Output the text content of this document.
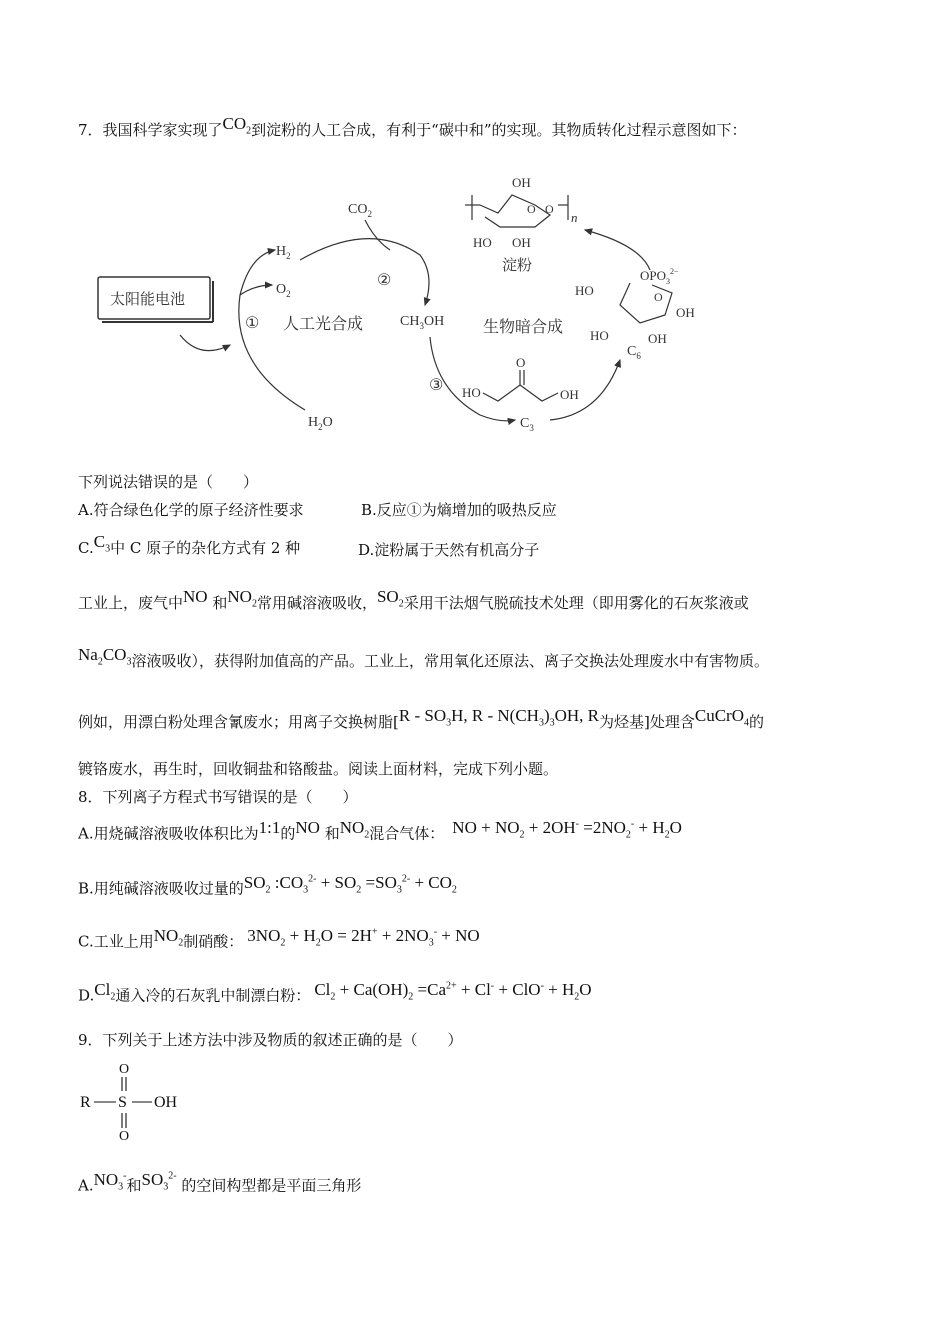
7．我国科学家实现了$CO_2$到淀粉的人工合成，有利于“碳中和”的实现。其物质转化过程示意图如下：
太阳能电池
$H_2$
$O_2$
$H_2O$
① 人工光合成
$CO_2$
②
$CH_3OH$
③
生物暗合成
HO
O
OH
$C_3$
HO
HO
$OPO_3^{2-}$
O
OH
OH
$C_6$
OH
O O
n
HO OH
淀粉
下列说法错误的是（　　）
A.符合绿色化学的原子经济性要求	B.反应①为熵增加的吸热反应
$C.C_3$中 C 原子的杂化方式有 2 种	D.淀粉属于天然有机高分子
工业上，废气中NO 和$NO_2$常用碱溶液吸收，$SO_2$采用干法烟气脱硫技术处理（即用雾化的石灰浆液或
$Na_2CO_3$溶液吸收），获得附加值高的产品。工业上，常用氧化还原法、离子交换法处理废水中有害物质。
例如，用漂白粉处理含氰废水；用离子交换树脂[$R - SO_3H$, R - $N(CH_3)_3OH$, R为烃基]处理含CuCrO$_4$的
镀铬废水，再生时，回收铜盐和铬酸盐。阅读上面材料，完成下列小题。
8．下列离子方程式书写错误的是（　　）
A.用烧碱溶液吸收体积比为1:1的NO 和$NO_2$混合气体： NO + $NO_2 + 2OH^- =2NO_2^- + H_2O$
B.用纯碱溶液吸收过量的$SO_2$ $:CO_3^{2-} + SO_2 =SO_3^{2-} + CO_2$
C.工业上用$NO_2$制硝酸： $3NO_2 + H_2O = 2H^+ + 2NO_3^-$ + NO
$D.Cl_2$通入冷的石灰乳中制漂白粉： $Cl_2 + Ca(OH)_2 =Ca^{2+} + Cl^- + ClO^- + H_2O$
9．下列关于上述方法中涉及物质的叙述正确的是（　　）
O
R S OH
O
$A.NO_3^-$和$SO_3^{2-}$ 的空间构型都是平面三角形
